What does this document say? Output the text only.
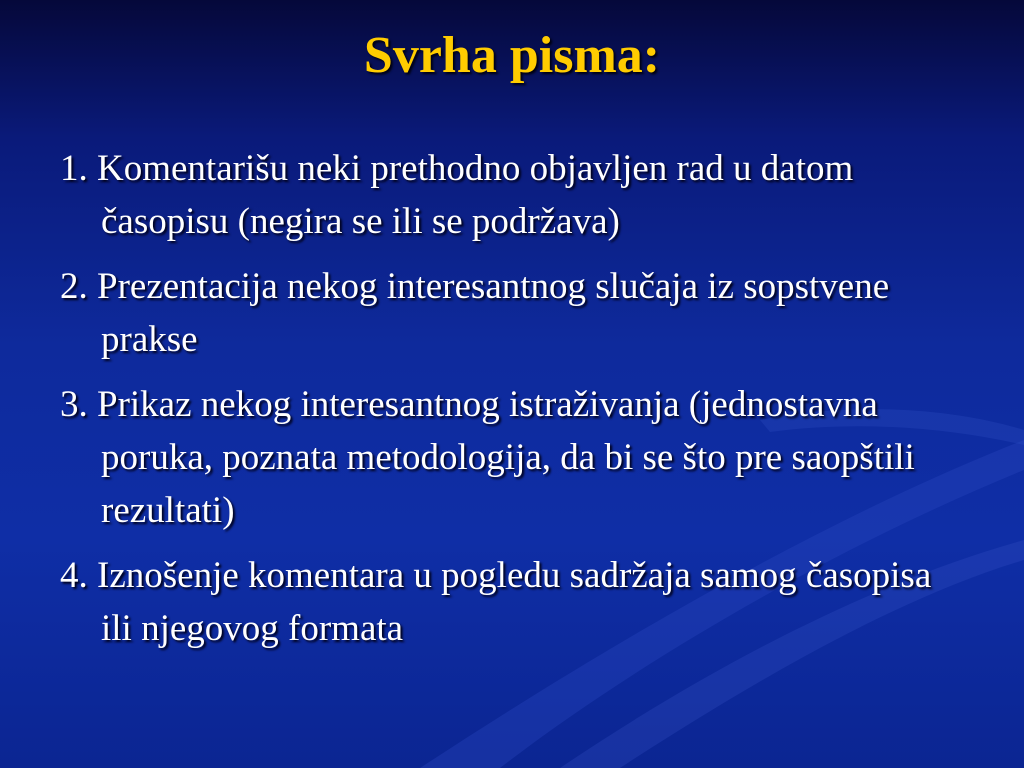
Svrha pisma:
1. Komentarišu neki prethodno objavljen rad u datom časopisu (negira se ili se podržava)
2. Prezentacija nekog interesantnog slučaja iz sopstvene prakse
3. Prikaz nekog interesantnog istraživanja (jednostavna poruka, poznata metodologija, da bi se što pre saopštili rezultati)
4. Iznošenje komentara u pogledu sadržaja samog časopisa ili njegovog formata
